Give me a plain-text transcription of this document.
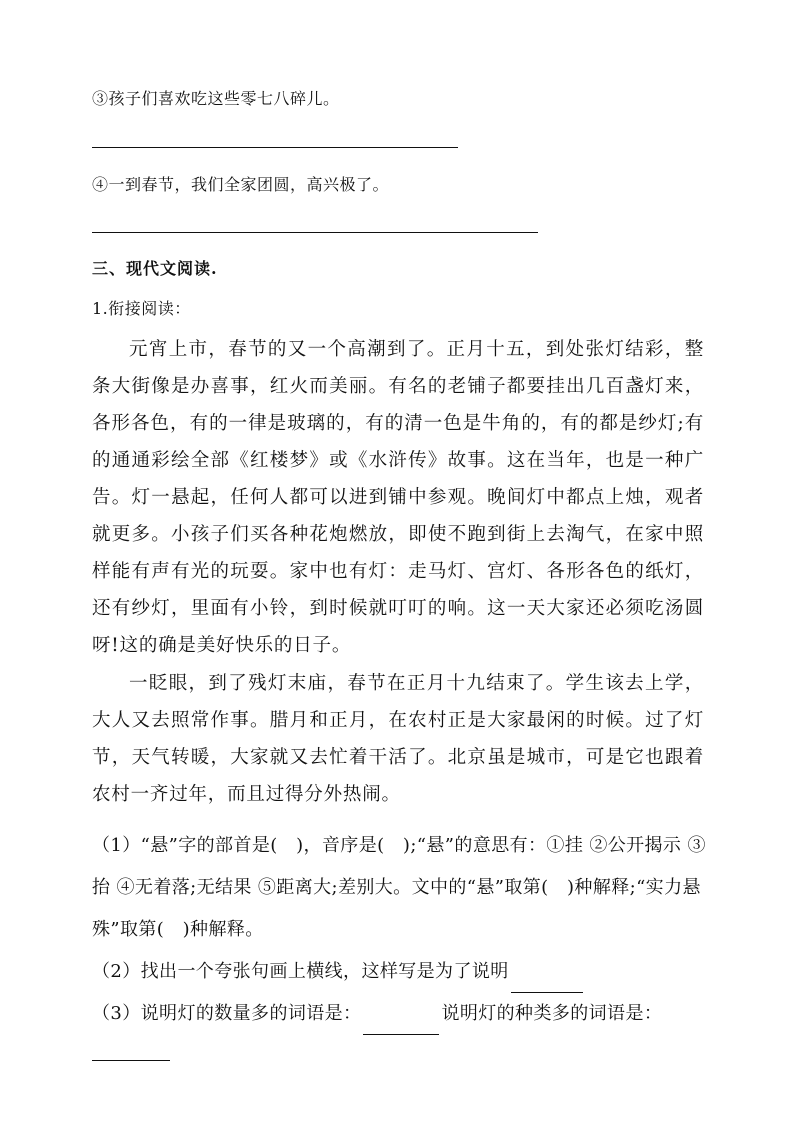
③孩子们喜欢吃这些零七八碎儿。
④一到春节，我们全家团圆，高兴极了。
三、现代文阅读.
1.衔接阅读：
元宵上市，春节的又一个高潮到了。正月十五，到处张灯结彩，整条大街像是办喜事，红火而美丽。有名的老铺子都要挂出几百盏灯来，各形各色，有的一律是玻璃的，有的清一色是牛角的，有的都是纱灯;有的通通彩绘全部《红楼梦》或《水浒传》故事。这在当年，也是一种广告。灯一悬起，任何人都可以进到铺中参观。晚间灯中都点上烛，观者就更多。小孩子们买各种花炮燃放，即使不跑到街上去淘气，在家中照样能有声有光的玩耍。家中也有灯：走马灯、宫灯、各形各色的纸灯，还有纱灯，里面有小铃，到时候就叮叮的响。这一天大家还必须吃汤圆呀!这的确是美好快乐的日子。
一眨眼，到了残灯末庙，春节在正月十九结束了。学生该去上学，大人又去照常作事。腊月和正月，在农村正是大家最闲的时候。过了灯节，天气转暖，大家就又去忙着干活了。北京虽是城市，可是它也跟着农村一齐过年，而且过得分外热闹。
（1）“悬”字的部首是(　)，音序是(　);“悬”的意思有：①挂 ②公开揭示 ③抬 ④无着落;无结果 ⑤距离大;差别大。文中的“悬”取第(　)种解释;“实力悬殊”取第(　)种解释。
（2）找出一个夸张句画上横线，这样写是为了说明
（3）说明灯的数量多的词语是：	说明灯的种类多的词语是：
